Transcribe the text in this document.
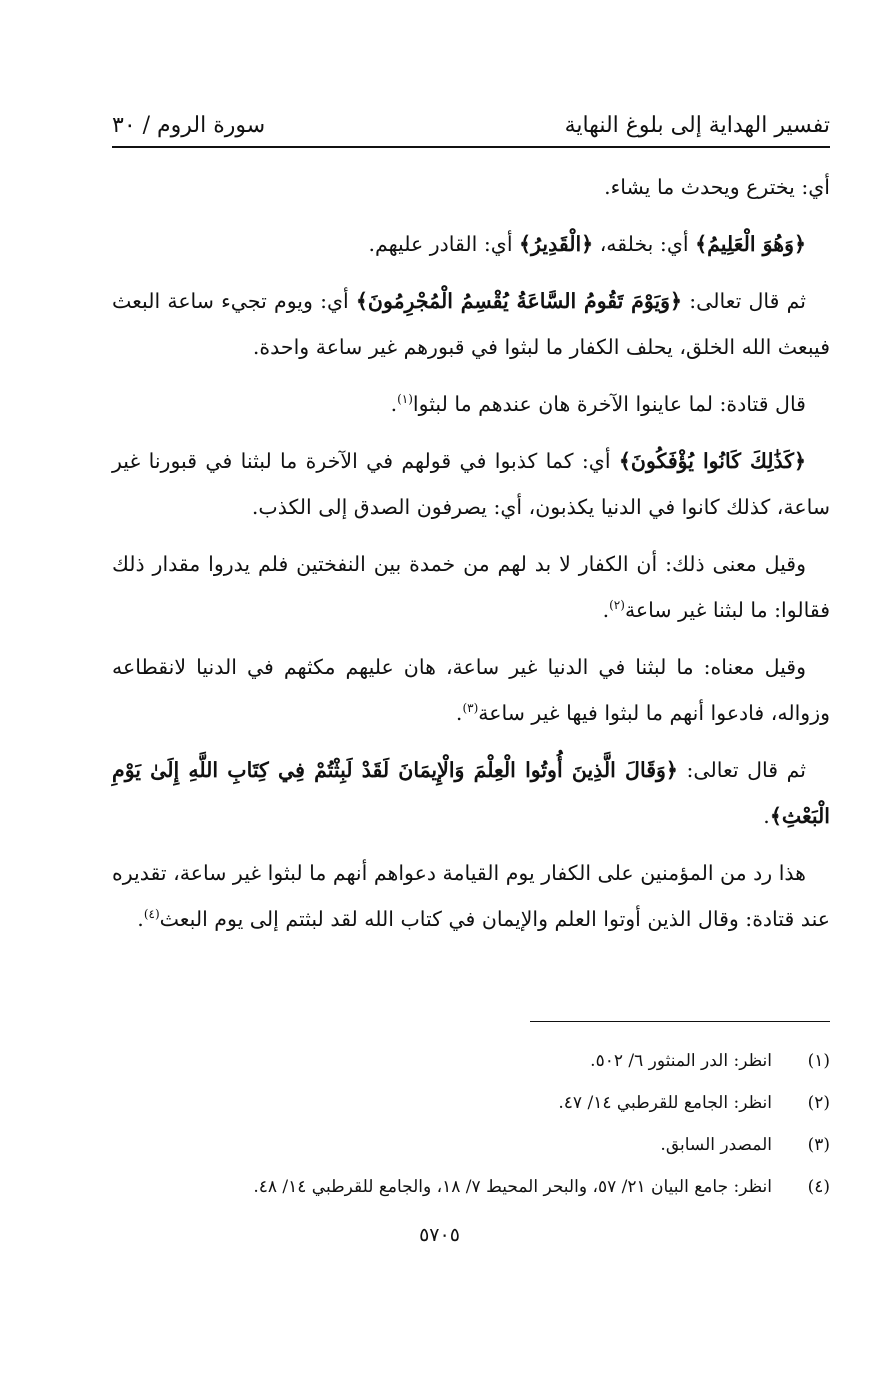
تفسير الهداية إلى بلوغ النهاية
سورة الروم / ٣٠

أي: يخترع ويحدث ما يشاء.

﴿وَهُوَ الْعَلِيمُ﴾ أي: بخلقه، ﴿الْقَدِيرُ﴾ أي: القادر عليهم.

ثم قال تعالى: ﴿وَيَوْمَ تَقُومُ السَّاعَةُ يُقْسِمُ الْمُجْرِمُونَ﴾ أي: ويوم تجيء ساعة البعث فيبعث الله الخلق، يحلف الكفار ما لبثوا في قبورهم غير ساعة واحدة.

قال قتادة: لما عاينوا الآخرة هان عندهم ما لبثوا$^{(١)}$.

﴿كَذَٰلِكَ كَانُوا يُؤْفَكُونَ﴾ أي: كما كذبوا في قولهم في الآخرة ما لبثنا في قبورنا غير ساعة، كذلك كانوا في الدنيا يكذبون، أي: يصرفون الصدق إلى الكذب.

وقيل معنى ذلك: أن الكفار لا بد لهم من خمدة بين النفختين فلم يدروا مقدار ذلك فقالوا: ما لبثنا غير ساعة$^{(٢)}$.

وقيل معناه: ما لبثنا في الدنيا غير ساعة، هان عليهم مكثهم في الدنيا لانقطاعه وزواله، فادعوا أنهم ما لبثوا فيها غير ساعة$^{(٣)}$.

ثم قال تعالى: ﴿وَقَالَ الَّذِينَ أُوتُوا الْعِلْمَ وَالْإِيمَانَ لَقَدْ لَبِثْتُمْ فِي كِتَابِ اللَّهِ إِلَىٰ يَوْمِ الْبَعْثِ﴾.

هذا رد من المؤمنين على الكفار يوم القيامة دعواهم أنهم ما لبثوا غير ساعة، تقديره عند قتادة: وقال الذين أوتوا العلم والإيمان في كتاب الله لقد لبثتم إلى يوم البعث$^{(٤)}$.

(١)
انظر: الدر المنثور ٦/ ٥٠٢.
(٢)
انظر: الجامع للقرطبي ١٤/ ٤٧.
(٣)
المصدر السابق.
(٤)
انظر: جامع البيان ٢١/ ٥٧، والبحر المحيط ٧/ ١٨، والجامع للقرطبي ١٤/ ٤٨.
٥٧٠٥
